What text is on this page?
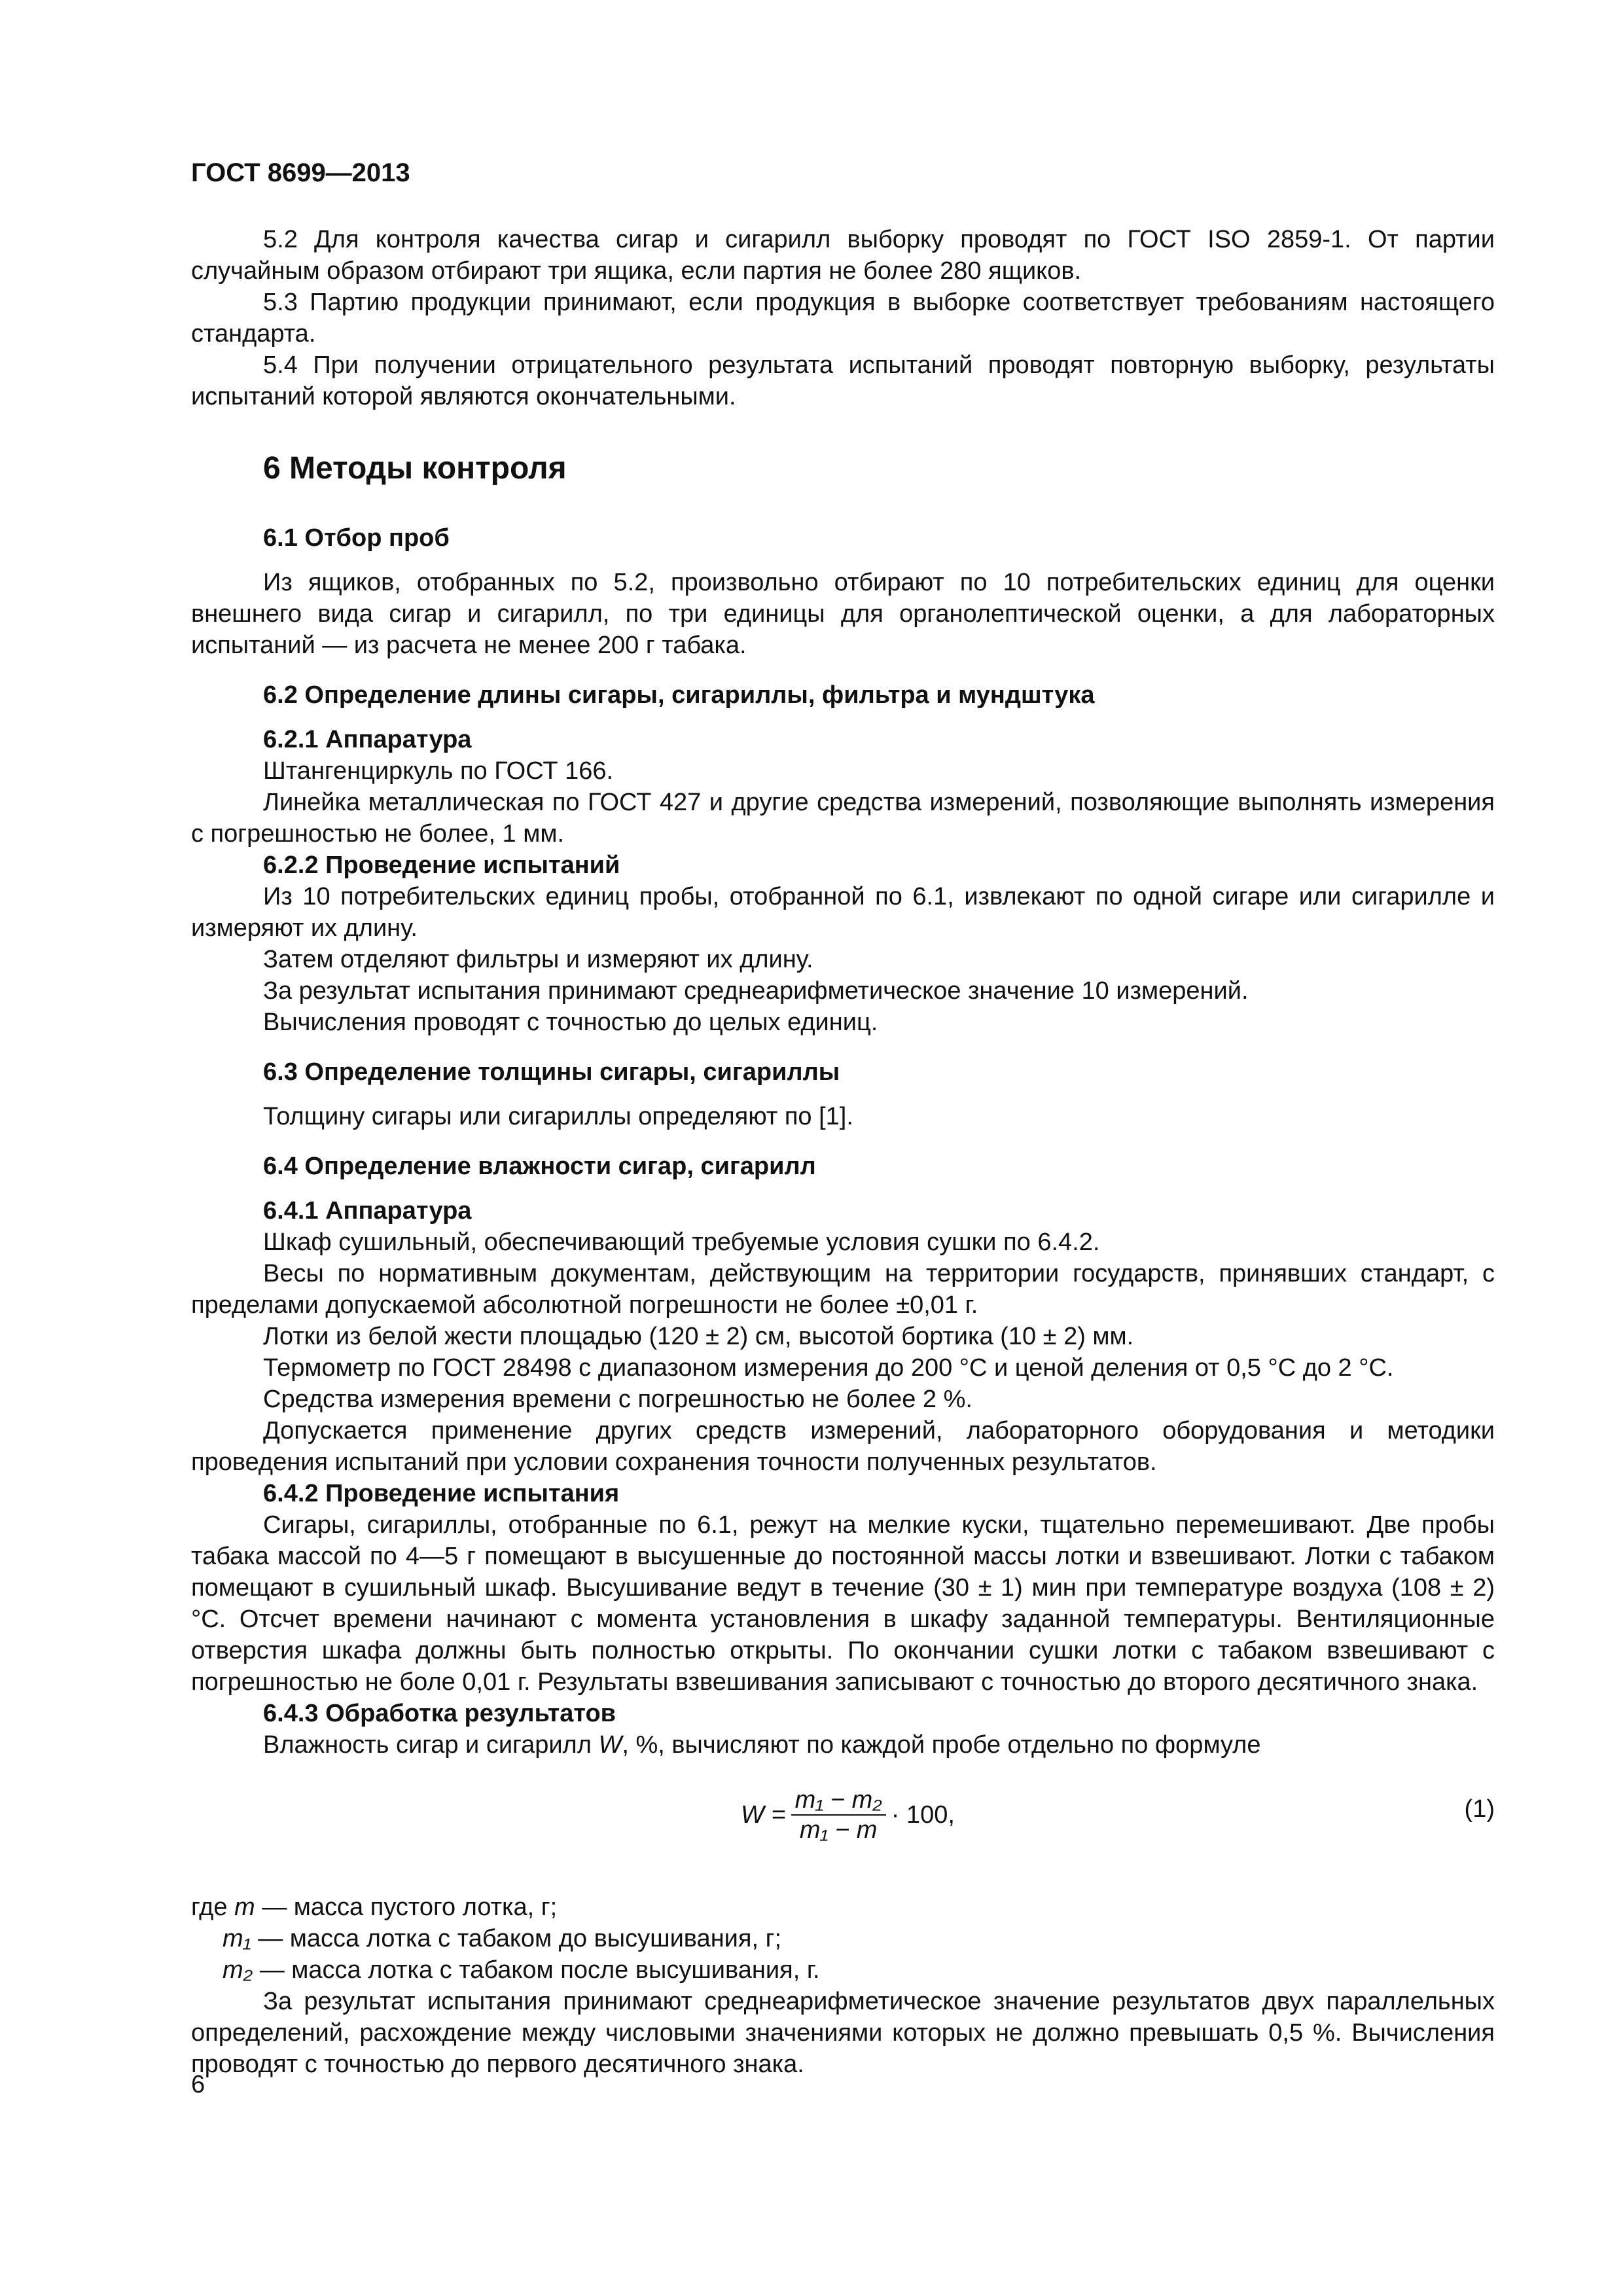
ГОСТ 8699—2013

5.2 Для контроля качества сигар и сигарилл выборку проводят по ГОСТ ISO 2859-1. От партии случайным образом отбирают три ящика, если партия не более 280 ящиков.

5.3 Партию продукции принимают, если продукция в выборке соответствует требованиям настоящего стандарта.

5.4 При получении отрицательного результата испытаний проводят повторную выборку, результаты испытаний которой являются окончательными.

6 Методы контроля
6.1 Отбор проб

Из ящиков, отобранных по 5.2, произвольно отбирают по 10 потребительских единиц для оценки внешнего вида сигар и сигарилл, по три единицы для органолептической оценки, а для лабораторных испытаний — из расчета не менее 200 г табака.

6.2 Определение длины сигары, сигариллы, фильтра и мундштука
6.2.1 Аппаратура

Штангенциркуль по ГОСТ 166.

Линейка металлическая по ГОСТ 427 и другие средства измерений, позволяющие выполнять измерения с погрешностью не более, 1 мм.

6.2.2 Проведение испытаний

Из 10 потребительских единиц пробы, отобранной по 6.1, извлекают по одной сигаре или сигарилле и измеряют их длину.

Затем отделяют фильтры и измеряют их длину.

За результат испытания принимают среднеарифметическое значение 10 измерений.

Вычисления проводят с точностью до целых единиц.

6.3 Определение толщины сигары, сигариллы

Толщину сигары или сигариллы определяют по [1].

6.4 Определение влажности сигар, сигарилл
6.4.1 Аппаратура

Шкаф сушильный, обеспечивающий требуемые условия сушки по 6.4.2.

Весы по нормативным документам, действующим на территории государств, принявших стандарт, с пределами допускаемой абсолютной погрешности не более ±0,01 г.

Лотки из белой жести площадью (120 ± 2) см, высотой бортика (10 ± 2) мм.

Термометр по ГОСТ 28498 с диапазоном измерения до 200 °С и ценой деления от 0,5 °С до 2 °С.

Средства измерения времени с погрешностью не более 2 %.

Допускается применение других средств измерений, лабораторного оборудования и методики проведения испытаний при условии сохранения точности полученных результатов.

6.4.2 Проведение испытания

Сигары, сигариллы, отобранные по 6.1, режут на мелкие куски, тщательно перемешивают. Две пробы табака массой по 4—5 г помещают в высушенные до постоянной массы лотки и взвешивают. Лотки с табаком помещают в сушильный шкаф. Высушивание ведут в течение (30 ± 1) мин при температуре воздуха (108 ± 2) °С. Отсчет времени начинают с момента установления в шкафу заданной температуры. Вентиляционные отверстия шкафа должны быть полностью открыты. По окончании сушки лотки с табаком взвешивают с погрешностью не боле 0,01 г. Результаты взвешивания записывают с точностью до второго десятичного знака.

6.4.3 Обработка результатов

Влажность сигар и сигарилл W, %, вычисляют по каждой пробе отдельно по формуле

$W = \frac{\text{m₁ − m₂}}{\text{m₁ − m}} \cdot 100$,	(1)

где m — масса пустого лотка, г;

m₁ — масса лотка с табаком до высушивания, г;

m₂ — масса лотка с табаком после высушивания, г.

За результат испытания принимают среднеарифметическое значение результатов двух параллельных определений, расхождение между числовыми значениями которых не должно превышать 0,5 %. Вычисления проводят с точностью до первого десятичного знака.

6
